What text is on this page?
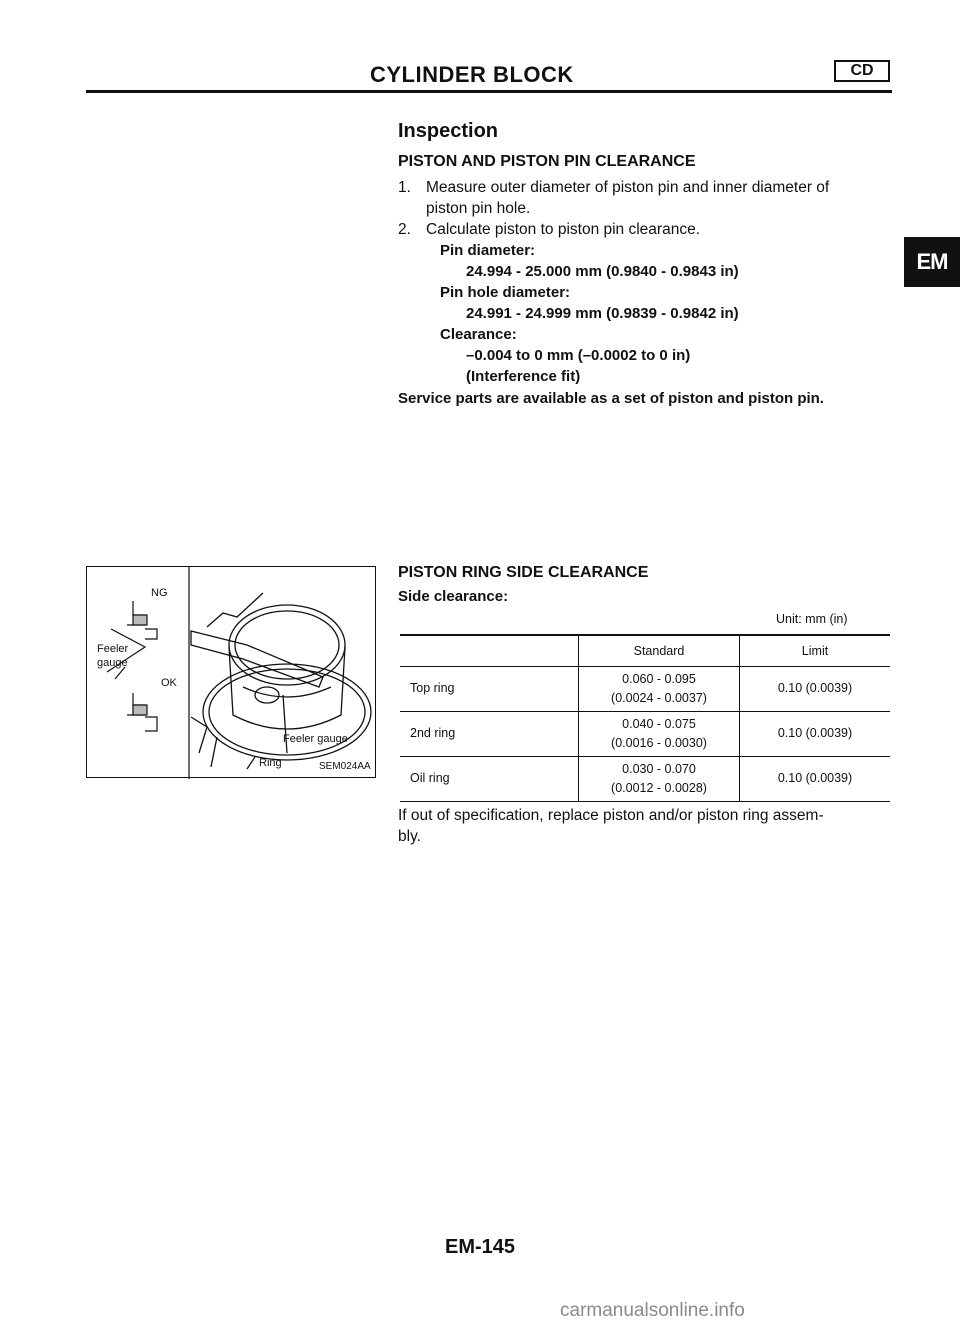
CYLINDER BLOCK	CD
EM
Inspection
PISTON AND PISTON PIN CLEARANCE
1. Measure outer diameter of piston pin and inner diameter of
piston pin hole.
2. Calculate piston to piston pin clearance.
Pin diameter:
24.994 - 25.000 mm (0.9840 - 0.9843 in)
Pin hole diameter:
24.991 - 24.999 mm (0.9839 - 0.9842 in)
Clearance:
–0.004 to 0 mm (–0.0002 to 0 in)
(Interference fit)
Service parts are available as a set of piston and piston pin.
PISTON RING SIDE CLEARANCE
Side clearance:
Unit: mm (in)
	Standard	Limit
Top ring	0.060 - 0.095
(0.0024 - 0.0037)	0.10 (0.0039)
2nd ring	0.040 - 0.075
(0.0016 - 0.0030)	0.10 (0.0039)
Oil ring	0.030 - 0.070
(0.0012 - 0.0028)	0.10 (0.0039)
If out of specification, replace piston and/or piston ring assem-
bly.
NG
OK
Feeler
gauge
Feeler gauge
Ring	SEM024AA
EM-145
carmanualsonline.info
